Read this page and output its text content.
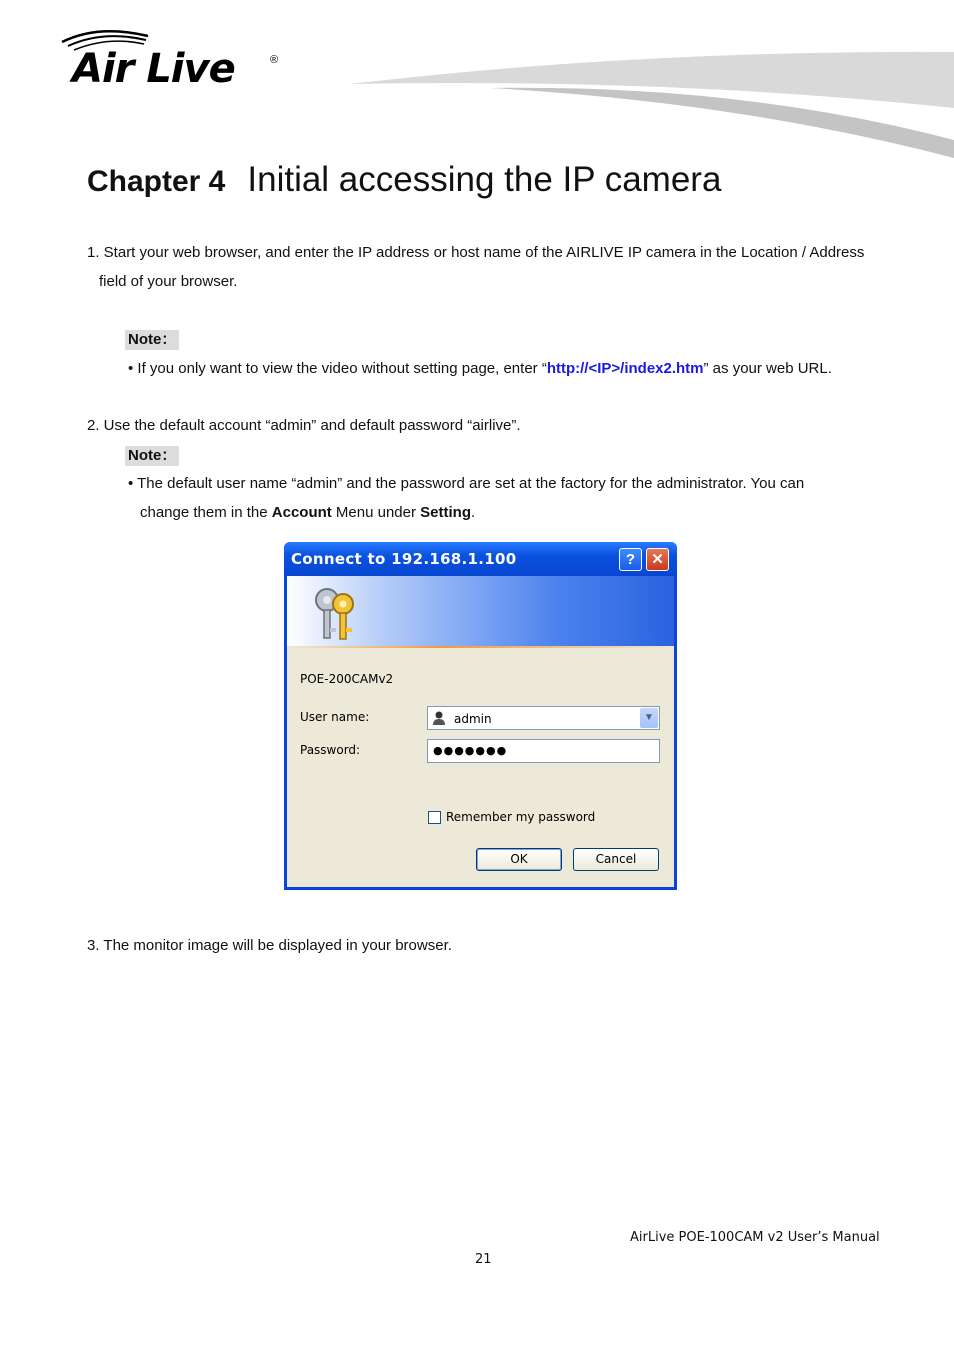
Air Live	®
Chapter 4 Initial accessing the IP camera
1. Start your web browser, and enter the IP address or host name of the AIRLIVE IP camera in the Location / Address
field of your browser.
Note：
• If you only want to view the video without setting page, enter “http://<IP>/index2.htm” as your web URL.
2. Use the default account “admin” and default password “airlive”.
Note：
• The default user name “admin” and the password are set at the factory for the administrator. You can
change them in the Account Menu under Setting.
Connect to 192.168.1.100	?	✕
POE-200CAMv2
User name:	admin	▼
Password:	●●●●●●●
Remember my password
OK	Cancel
3. The monitor image will be displayed in your browser.
AirLive POE-100CAM v2 User’s Manual
21
